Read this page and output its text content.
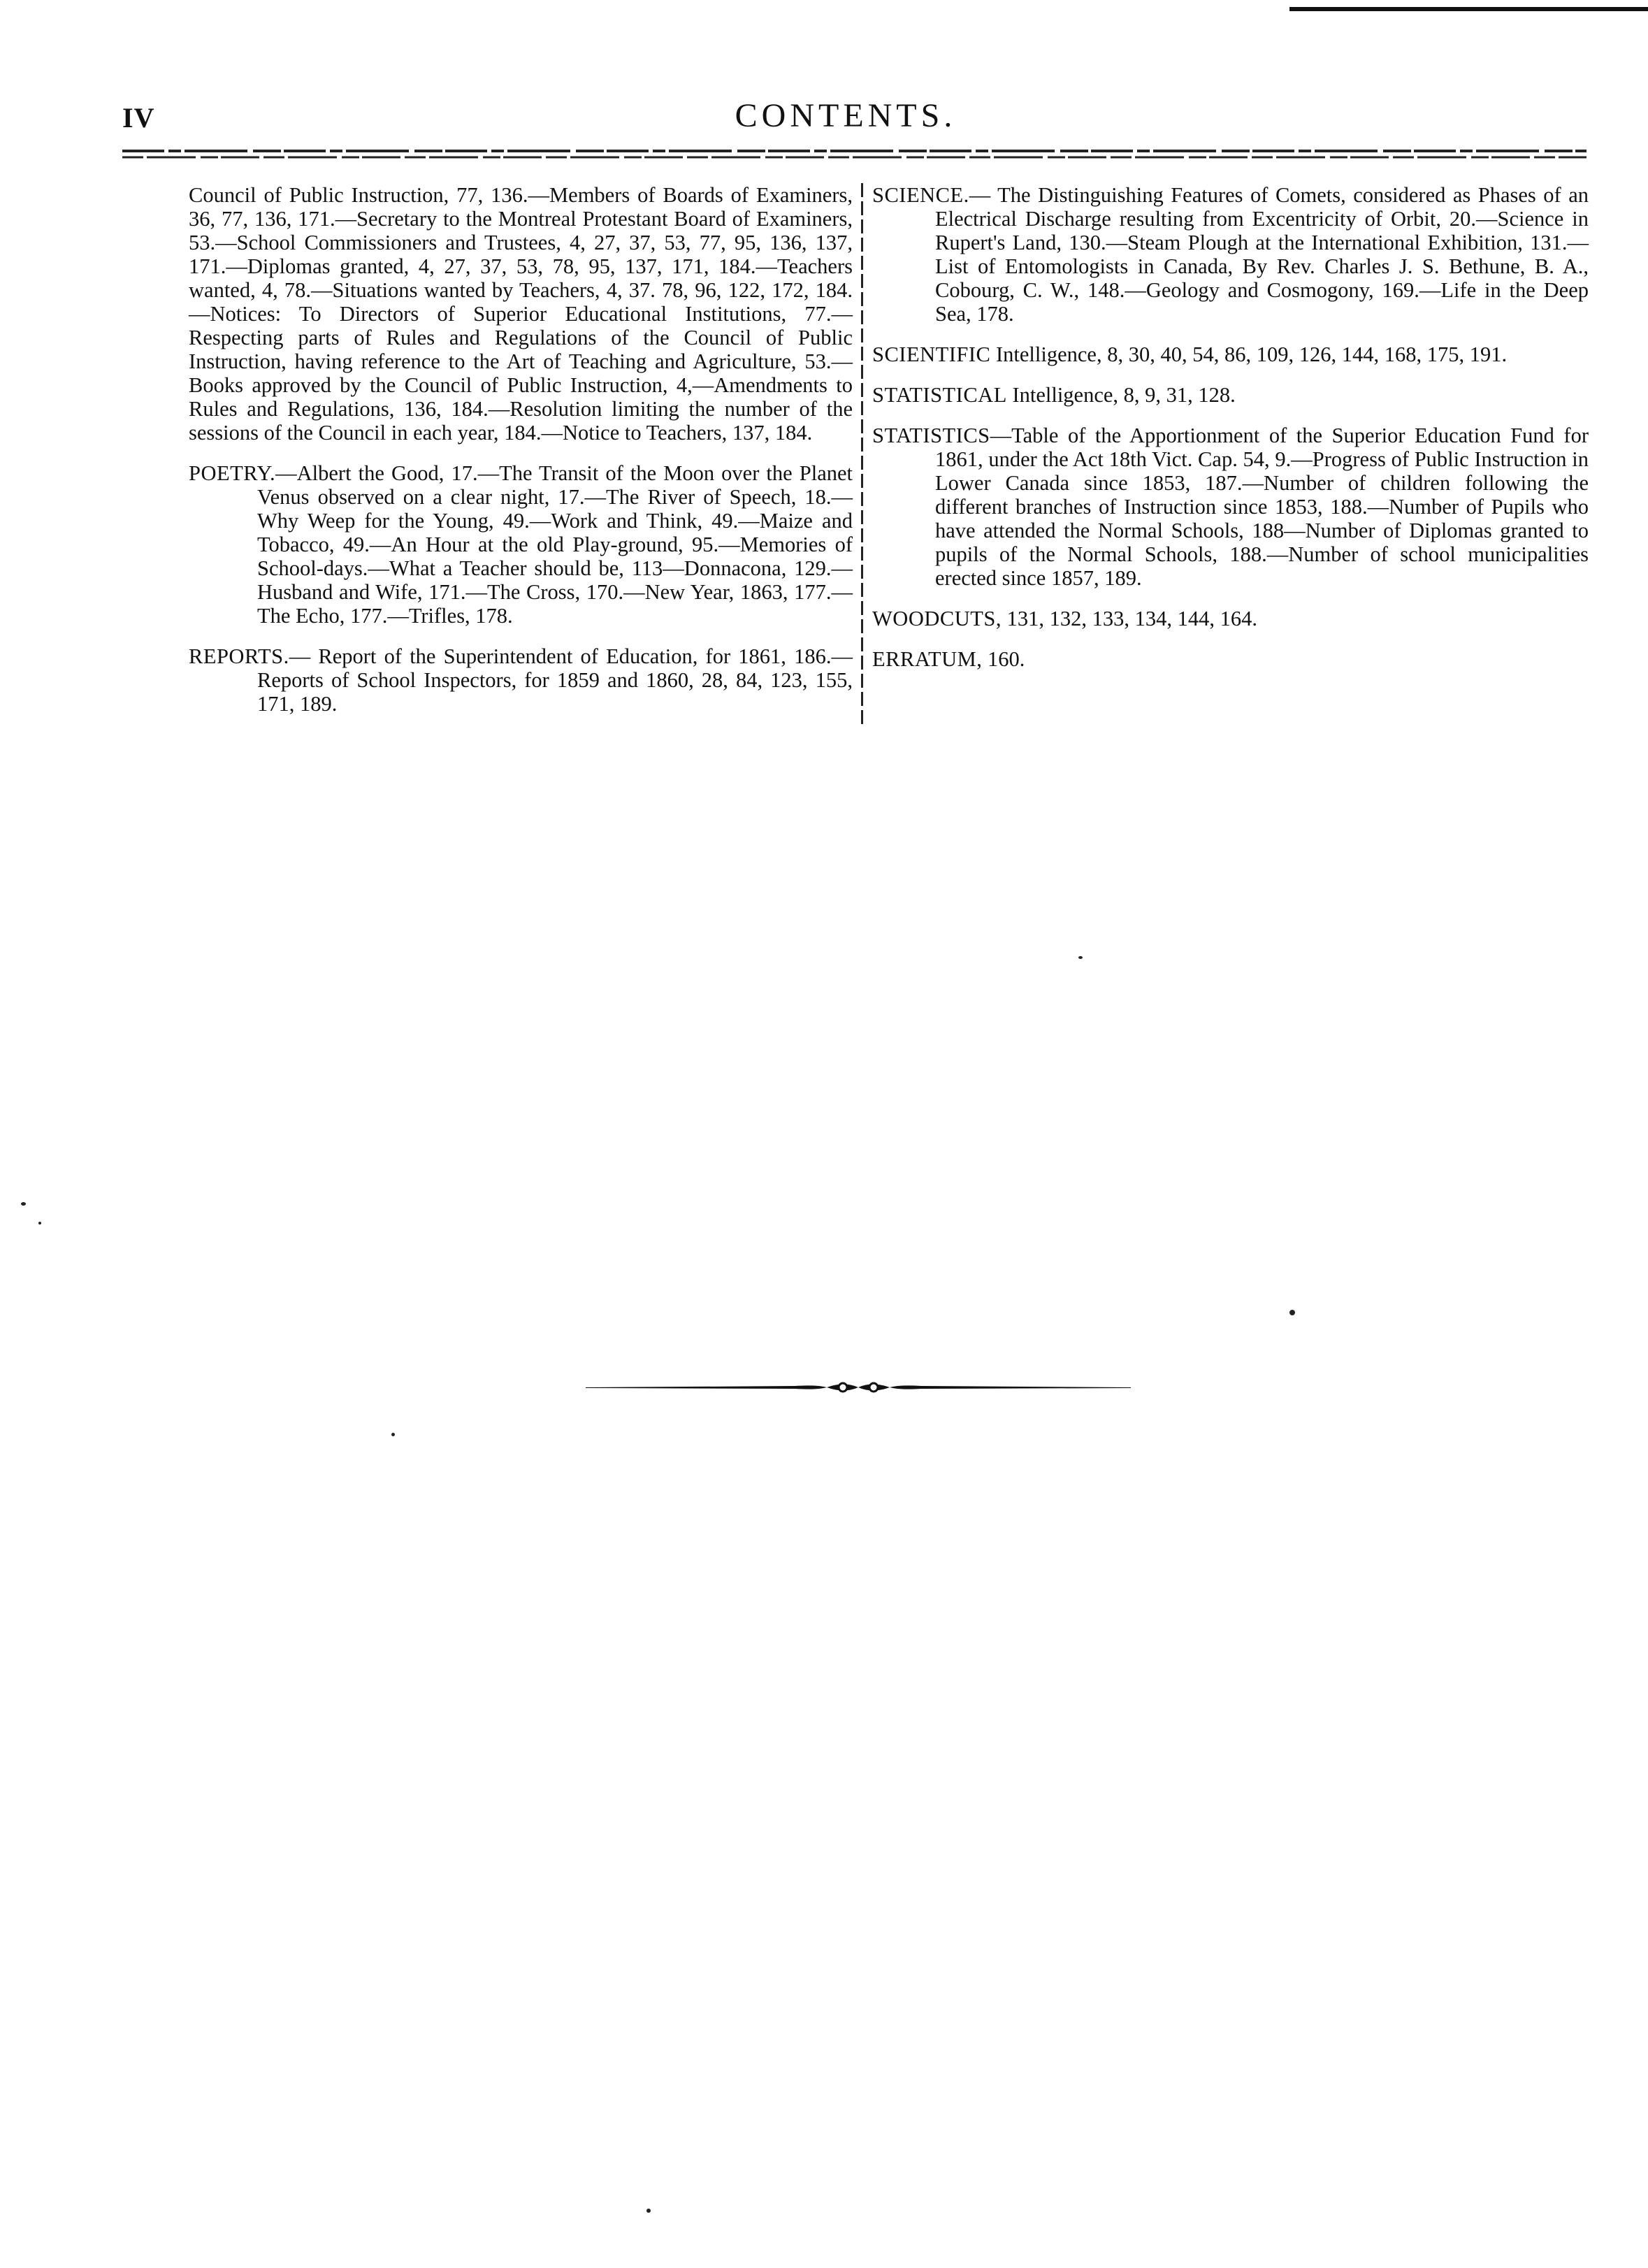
IV	CONTENTS.

Council of Public Instruction, 77, 136.—Members of Boards of Examiners, 36, 77, 136, 171.—Secretary to the Montreal Protestant Board of Examiners, 53.—School Commissioners and Trustees, 4, 27, 37, 53, 77, 95, 136, 137, 171.—Diplomas granted, 4, 27, 37, 53, 78, 95, 137, 171, 184.—Teachers wanted, 4, 78.—Situations wanted by Teachers, 4, 37. 78, 96, 122, 172, 184.—Notices: To Directors of Superior Educational Institutions, 77.—Respecting parts of Rules and Regulations of the Council of Public Instruction, having reference to the Art of Teaching and Agriculture, 53.—Books approved by the Council of Public Instruction, 4,—Amendments to Rules and Regulations, 136, 184.—Resolution limiting the number of the sessions of the Council in each year, 184.—Notice to Teachers, 137, 184.

POETRY.—Albert the Good, 17.—The Transit of the Moon over the Planet Venus observed on a clear night, 17.—The River of Speech, 18.—Why Weep for the Young, 49.—Work and Think, 49.—Maize and Tobacco, 49.—An Hour at the old Play-ground, 95.—Memories of School-days.—What a Teacher should be, 113—Donnacona, 129.—Husband and Wife, 171.—The Cross, 170.—New Year, 1863, 177.—The Echo, 177.—Trifles, 178.

REPORTS.— Report of the Superintendent of Education, for 1861, 186.—Reports of School Inspectors, for 1859 and 1860, 28, 84, 123, 155, 171, 189.

SCIENCE.— The Distinguishing Features of Comets, considered as Phases of an Electrical Discharge resulting from Excentricity of Orbit, 20.—Science in Rupert's Land, 130.—Steam Plough at the International Exhibition, 131.—List of Entomologists in Canada, By Rev. Charles J. S. Bethune, B. A., Cobourg, C. W., 148.—Geology and Cosmogony, 169.—Life in the Deep Sea, 178.

SCIENTIFIC Intelligence, 8, 30, 40, 54, 86, 109, 126, 144, 168, 175, 191.

STATISTICAL Intelligence, 8, 9, 31, 128.

STATISTICS—Table of the Apportionment of the Superior Education Fund for 1861, under the Act 18th Vict. Cap. 54, 9.—Progress of Public Instruction in Lower Canada since 1853, 187.—Number of children following the different branches of Instruction since 1853, 188.—Number of Pupils who have attended the Normal Schools, 188—Number of Diplomas granted to pupils of the Normal Schools, 188.—Number of school municipalities erected since 1857, 189.

WOODCUTS, 131, 132, 133, 134, 144, 164.

ERRATUM, 160.
